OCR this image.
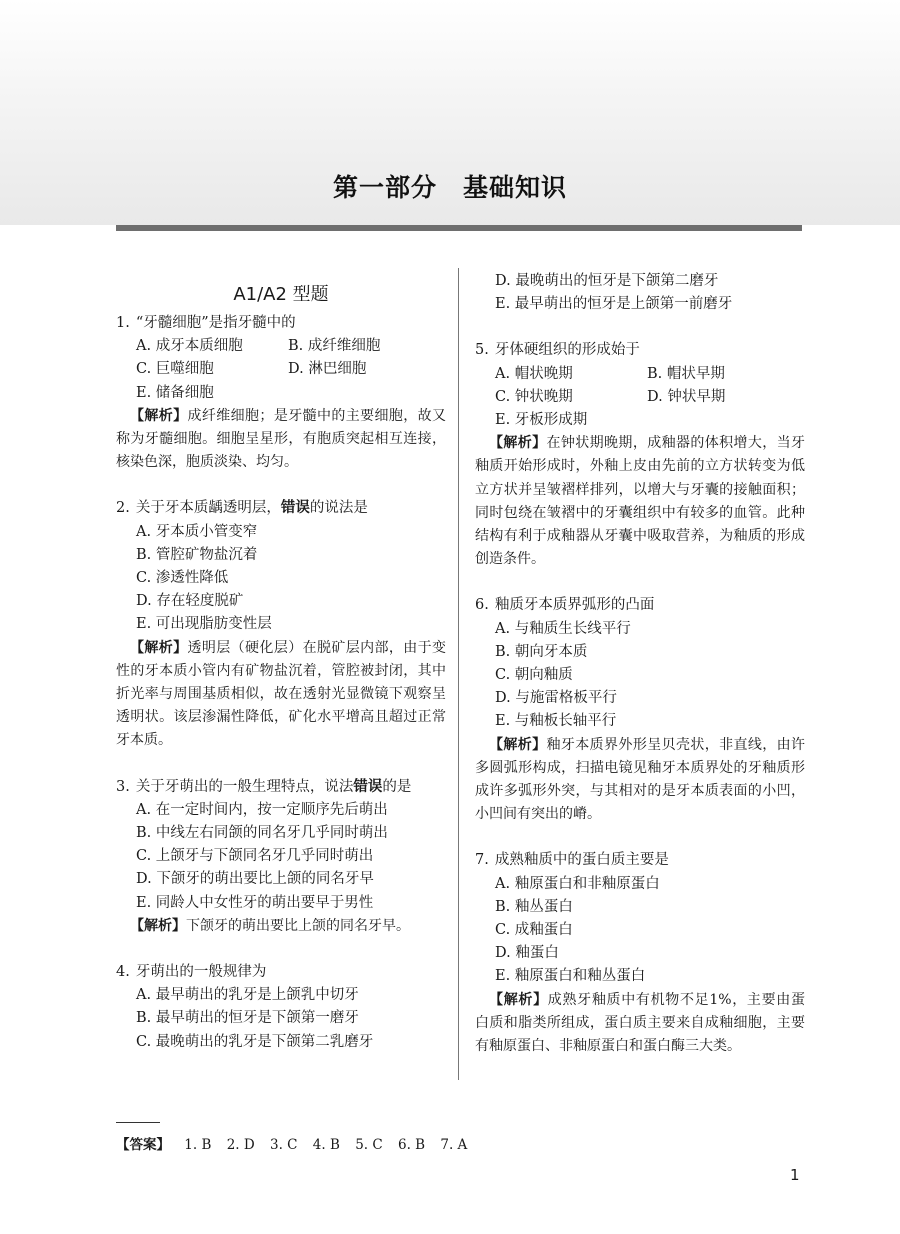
第一部分　基础知识
A1/A2 型题

1. “牙髓细胞”是指牙髓中的

A. 成牙本质细胞	B. 成纤维细胞

C. 巨噬细胞	D. 淋巴细胞

E. 储备细胞

【解析】成纤维细胞；是牙髓中的主要细胞，故又称为牙髓细胞。细胞呈星形，有胞质突起相互连接，核染色深，胞质淡染、均匀。

2. 关于牙本质龋透明层，错误的说法是

A. 牙本质小管变窄

B. 管腔矿物盐沉着

C. 渗透性降低

D. 存在轻度脱矿

E. 可出现脂肪变性层

【解析】透明层（硬化层）在脱矿层内部，由于变性的牙本质小管内有矿物盐沉着，管腔被封闭，其中折光率与周围基质相似，故在透射光显微镜下观察呈透明状。该层渗漏性降低，矿化水平增高且超过正常牙本质。

3. 关于牙萌出的一般生理特点，说法错误的是

A. 在一定时间内，按一定顺序先后萌出

B. 中线左右同颌的同名牙几乎同时萌出

C. 上颌牙与下颌同名牙几乎同时萌出

D. 下颌牙的萌出要比上颌的同名牙早

E. 同龄人中女性牙的萌出要早于男性

【解析】下颌牙的萌出要比上颌的同名牙早。

4. 牙萌出的一般规律为

A. 最早萌出的乳牙是上颌乳中切牙

B. 最早萌出的恒牙是下颌第一磨牙

C. 最晚萌出的乳牙是下颌第二乳磨牙

D. 最晚萌出的恒牙是下颌第二磨牙

E. 最早萌出的恒牙是上颌第一前磨牙

5. 牙体硬组织的形成始于

A. 帽状晚期	B. 帽状早期

C. 钟状晚期	D. 钟状早期

E. 牙板形成期

【解析】在钟状期晚期，成釉器的体积增大，当牙釉质开始形成时，外釉上皮由先前的立方状转变为低立方状并呈皱褶样排列，以增大与牙囊的接触面积；同时包绕在皱褶中的牙囊组织中有较多的血管。此种结构有利于成釉器从牙囊中吸取营养，为釉质的形成创造条件。

6. 釉质牙本质界弧形的凸面

A. 与釉质生长线平行

B. 朝向牙本质

C. 朝向釉质

D. 与施雷格板平行

E. 与釉板长轴平行

【解析】釉牙本质界外形呈贝壳状，非直线，由许多圆弧形构成，扫描电镜见釉牙本质界处的牙釉质形成许多弧形外突，与其相对的是牙本质表面的小凹，小凹间有突出的嵴。

7. 成熟釉质中的蛋白质主要是

A. 釉原蛋白和非釉原蛋白

B. 釉丛蛋白

C. 成釉蛋白

D. 釉蛋白

E. 釉原蛋白和釉丛蛋白

【解析】成熟牙釉质中有机物不足1%，主要由蛋白质和脂类所组成，蛋白质主要来自成釉细胞，主要有釉原蛋白、非釉原蛋白和蛋白酶三大类。

【答案】 1. B 2. D 3. C 4. B 5. C 6. B 7. A
1
